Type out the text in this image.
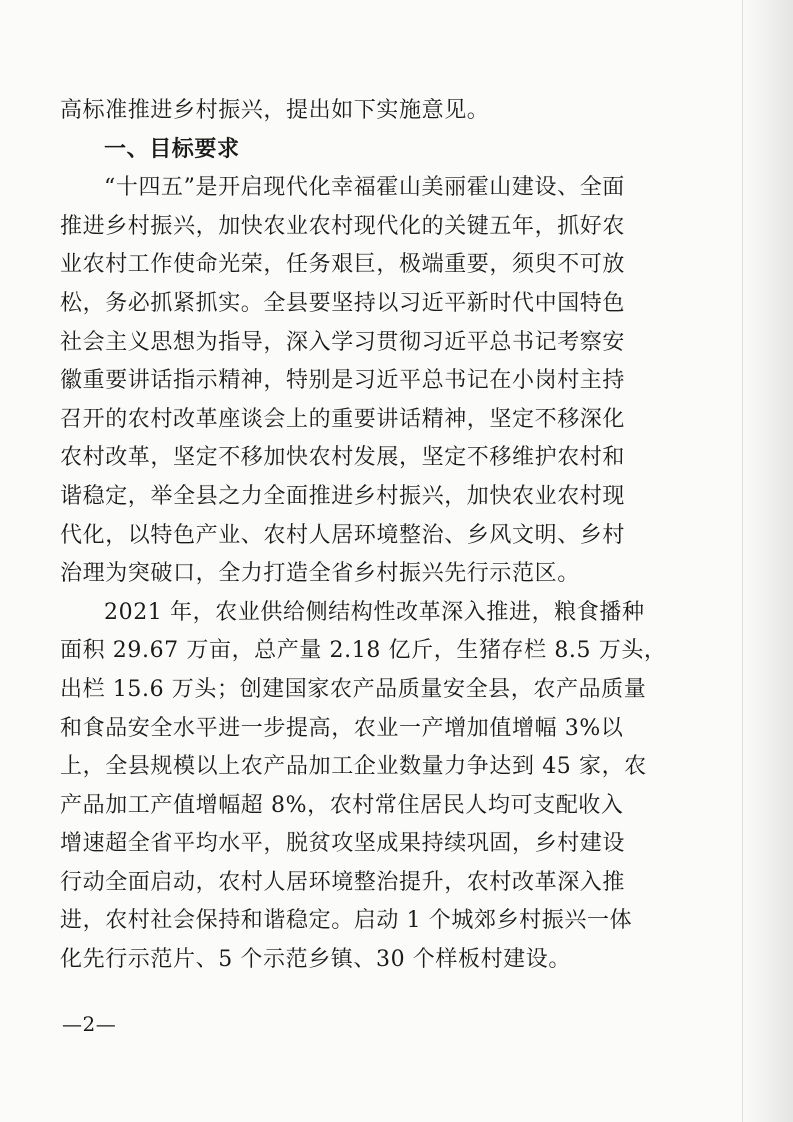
高标准推进乡村振兴，提出如下实施意见。
一、目标要求
“十四五”是开启现代化幸福霍山美丽霍山建设、全面
推进乡村振兴，加快农业农村现代化的关键五年，抓好农
业农村工作使命光荣，任务艰巨，极端重要，须臾不可放
松，务必抓紧抓实。全县要坚持以习近平新时代中国特色
社会主义思想为指导，深入学习贯彻习近平总书记考察安
徽重要讲话指示精神，特别是习近平总书记在小岗村主持
召开的农村改革座谈会上的重要讲话精神，坚定不移深化
农村改革，坚定不移加快农村发展，坚定不移维护农村和
谐稳定，举全县之力全面推进乡村振兴，加快农业农村现
代化，以特色产业、农村人居环境整治、乡风文明、乡村
治理为突破口，全力打造全省乡村振兴先行示范区。
2021 年，农业供给侧结构性改革深入推进，粮食播种
面积 29.67 万亩，总产量 2.18 亿斤，生猪存栏 8.5 万头，
出栏 15.6 万头；创建国家农产品质量安全县，农产品质量
和食品安全水平进一步提高，农业一产增加值增幅 3%以
上，全县规模以上农产品加工企业数量力争达到 45 家，农
产品加工产值增幅超 8%，农村常住居民人均可支配收入
增速超全省平均水平，脱贫攻坚成果持续巩固，乡村建设
行动全面启动，农村人居环境整治提升，农村改革深入推
进，农村社会保持和谐稳定。启动 1 个城郊乡村振兴一体
化先行示范片、5 个示范乡镇、30 个样板村建设。
—2—
